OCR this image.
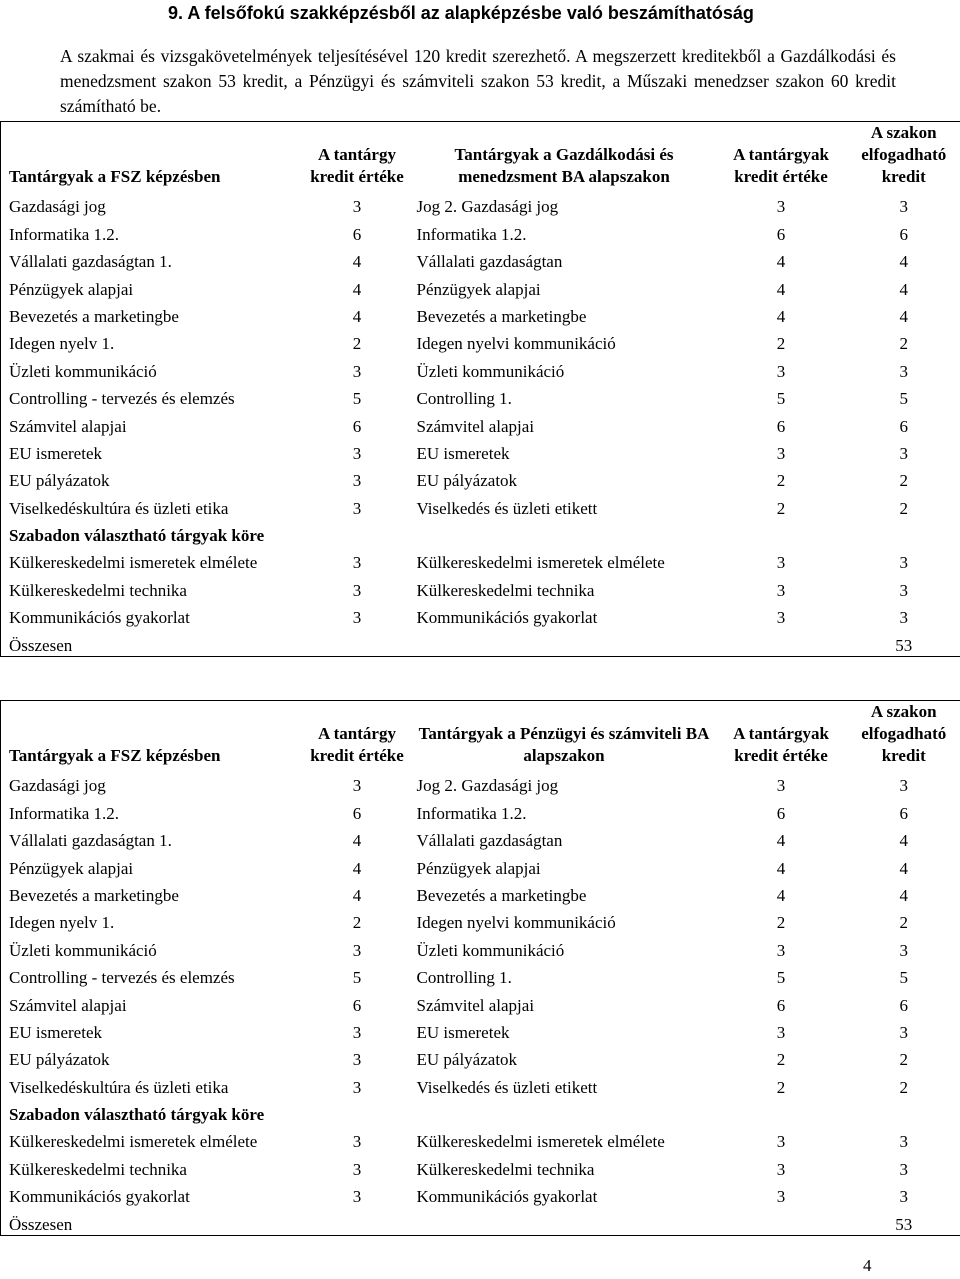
9. A felsőfokú szakképzésből az alapképzésbe való beszámíthatóság
A szakmai és vizsgakövetelmények teljesítésével 120 kredit szerezhető. A megszerzett kreditekből a Gazdálkodási és menedzsment szakon 53 kredit, a Pénzügyi és számviteli szakon 53 kredit, a Műszaki menedzser szakon 60 kredit számítható be.
Tantárgyak a FSZ képzésben	A tantárgy kredit értéke	Tantárgyak a Gazdálkodási és menedzsment BA alapszakon	A tantárgyak kredit értéke	A szakon elfogadható kredit
Gazdasági jog	3	Jog 2. Gazdasági jog	3	3
Informatika 1.2.	6	Informatika 1.2.	6	6
Vállalati gazdaságtan 1.	4	Vállalati gazdaságtan	4	4
Pénzügyek alapjai	4	Pénzügyek alapjai	4	4
Bevezetés a marketingbe	4	Bevezetés a marketingbe	4	4
Idegen nyelv 1.	2	Idegen nyelvi kommunikáció	2	2
Üzleti kommunikáció	3	Üzleti kommunikáció	3	3
Controlling - tervezés és elemzés	5	Controlling 1.	5	5
Számvitel alapjai	6	Számvitel alapjai	6	6
EU ismeretek	3	EU ismeretek	3	3
EU pályázatok	3	EU pályázatok	2	2
Viselkedéskultúra és üzleti etika	3	Viselkedés és üzleti etikett	2	2
Szabadon választható tárgyak köre				
Külkereskedelmi ismeretek elmélete	3	Külkereskedelmi ismeretek elmélete	3	3
Külkereskedelmi technika	3	Külkereskedelmi technika	3	3
Kommunikációs gyakorlat	3	Kommunikációs gyakorlat	3	3
Összesen				53
Tantárgyak a FSZ képzésben	A tantárgy kredit értéke	Tantárgyak a Pénzügyi és számviteli BA alapszakon	A tantárgyak kredit értéke	A szakon elfogadható kredit
Gazdasági jog	3	Jog 2. Gazdasági jog	3	3
Informatika 1.2.	6	Informatika 1.2.	6	6
Vállalati gazdaságtan 1.	4	Vállalati gazdaságtan	4	4
Pénzügyek alapjai	4	Pénzügyek alapjai	4	4
Bevezetés a marketingbe	4	Bevezetés a marketingbe	4	4
Idegen nyelv 1.	2	Idegen nyelvi kommunikáció	2	2
Üzleti kommunikáció	3	Üzleti kommunikáció	3	3
Controlling - tervezés és elemzés	5	Controlling 1.	5	5
Számvitel alapjai	6	Számvitel alapjai	6	6
EU ismeretek	3	EU ismeretek	3	3
EU pályázatok	3	EU pályázatok	2	2
Viselkedéskultúra és üzleti etika	3	Viselkedés és üzleti etikett	2	2
Szabadon választható tárgyak köre				
Külkereskedelmi ismeretek elmélete	3	Külkereskedelmi ismeretek elmélete	3	3
Külkereskedelmi technika	3	Külkereskedelmi technika	3	3
Kommunikációs gyakorlat	3	Kommunikációs gyakorlat	3	3
Összesen				53
4
